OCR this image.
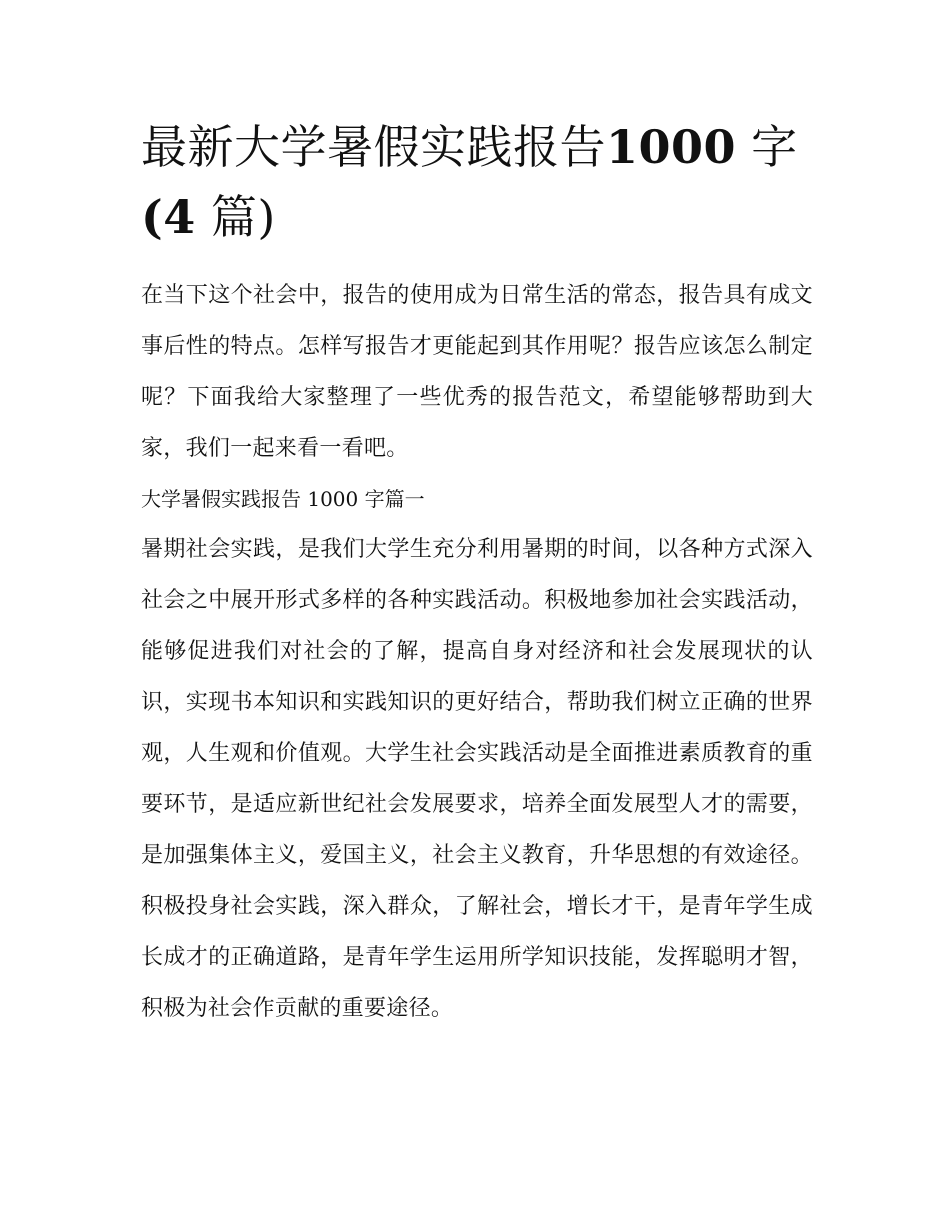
最新大学暑假实践报告1000 字
(4 篇)

在当下这个社会中，报告的使用成为日常生活的常态，报告具有成文事后性的特点。怎样写报告才更能起到其作用呢？报告应该怎么制定呢？下面我给大家整理了一些优秀的报告范文，希望能够帮助到大家，我们一起来看一看吧。

大学暑假实践报告 1000 字篇一

暑期社会实践，是我们大学生充分利用暑期的时间，以各种方式深入社会之中展开形式多样的各种实践活动。积极地参加社会实践活动，能够促进我们对社会的了解，提高自身对经济和社会发展现状的认识，实现书本知识和实践知识的更好结合，帮助我们树立正确的世界观，人生观和价值观。大学生社会实践活动是全面推进素质教育的重要环节，是适应新世纪社会发展要求，培养全面发展型人才的需要，是加强集体主义，爱国主义，社会主义教育，升华思想的有效途径。积极投身社会实践，深入群众，了解社会，增长才干，是青年学生成长成才的正确道路，是青年学生运用所学知识技能，发挥聪明才智，积极为社会作贡献的重要途径。
